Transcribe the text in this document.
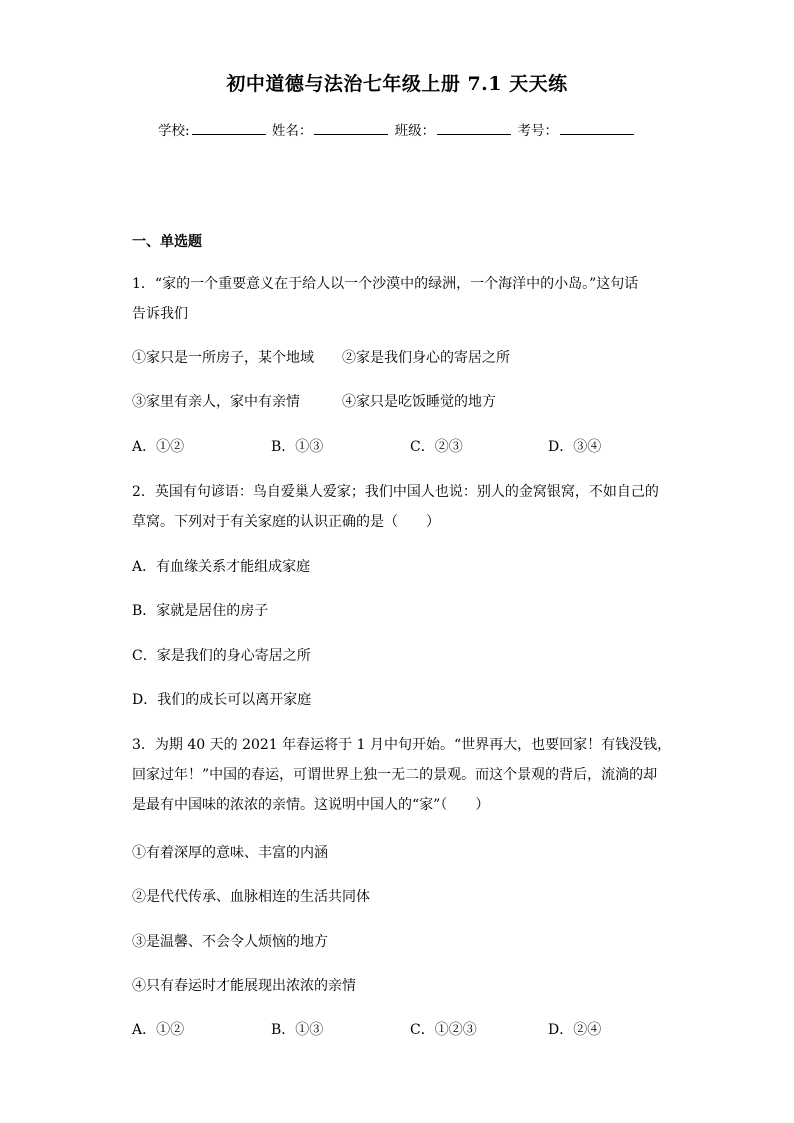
初中道德与法治七年级上册 7.1 天天练
学校:	姓名：	班级：	考号：
一、单选题
1．“家的一个重要意义在于给人以一个沙漠中的绿洲，一个海洋中的小岛。”这句话
告诉我们
①家只是一所房子，某个地域　　②家是我们身心的寄居之所
③家里有亲人，家中有亲情　　　④家只是吃饭睡觉的地方
A．①②	B．①③	C．②③	D．③④
2．英国有句谚语：鸟自爱巢人爱家；我们中国人也说：别人的金窝银窝，不如自己的
草窝。下列对于有关家庭的认识正确的是（　　）
A．有血缘关系才能组成家庭
B．家就是居住的房子
C．家是我们的身心寄居之所
D．我们的成长可以离开家庭
3．为期 40 天的 2021 年春运将于 1 月中旬开始。“世界再大，也要回家！有钱没钱，
回家过年！”中国的春运，可谓世界上独一无二的景观。而这个景观的背后，流淌的却
是最有中国味的浓浓的亲情。这说明中国人的“家”（　　）
①有着深厚的意味、丰富的内涵
②是代代传承、血脉相连的生活共同体
③是温馨、不会令人烦恼的地方
④只有春运时才能展现出浓浓的亲情
A．①②	B．①③	C．①②③	D．②④
